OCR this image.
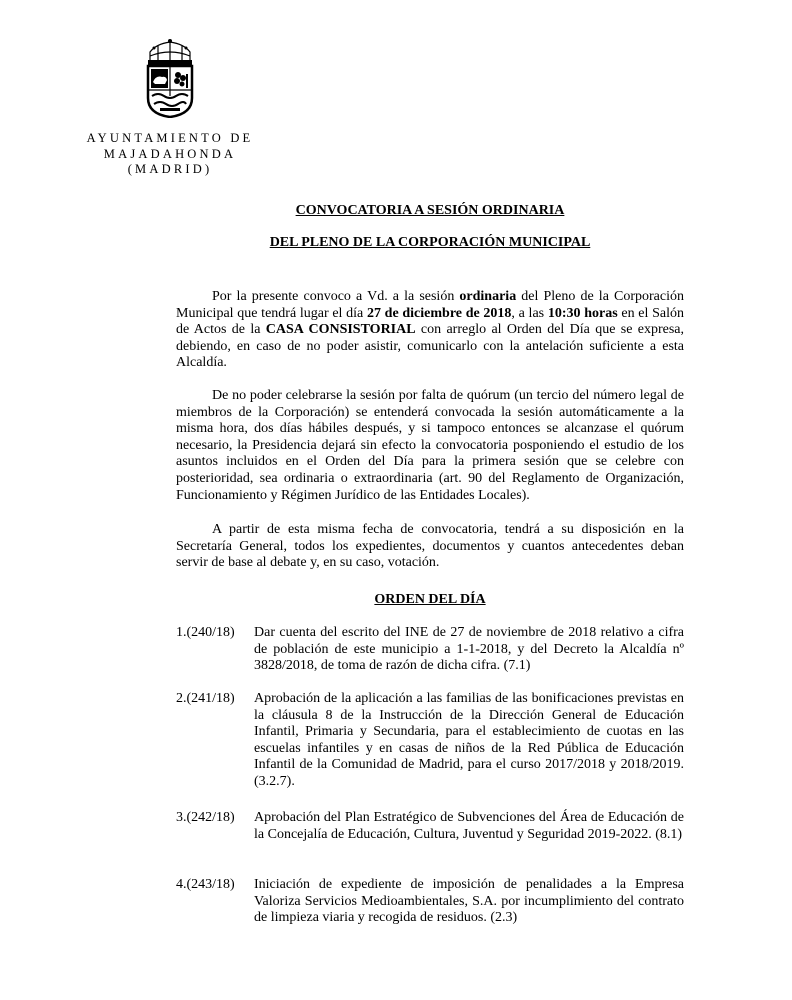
AYUNTAMIENTO DE
MAJADAHONDA
(MADRID)
CONVOCATORIA A SESIÓN ORDINARIA
DEL PLENO DE LA CORPORACIÓN MUNICIPAL

Por la presente convoco a Vd. a la sesión ordinaria del Pleno de la Corporación Municipal que tendrá lugar el día 27 de diciembre de 2018, a las 10:30 horas en el Salón de Actos de la CASA CONSISTORIAL con arreglo al Orden del Día que se expresa, debiendo, en caso de no poder asistir, comunicarlo con la antelación suficiente a esta Alcaldía.

De no poder celebrarse la sesión por falta de quórum (un tercio del número legal de miembros de la Corporación) se entenderá convocada la sesión automáticamente a la misma hora, dos días hábiles después, y si tampoco entonces se alcanzase el quórum necesario, la Presidencia dejará sin efecto la convocatoria posponiendo el estudio de los asuntos incluidos en el Orden del Día para la primera sesión que se celebre con posterioridad, sea ordinaria o extraordinaria (art. 90 del Reglamento de Organización, Funcionamiento y Régimen Jurídico de las Entidades Locales).

A partir de esta misma fecha de convocatoria, tendrá a su disposición en la Secretaría General, todos los expedientes, documentos y cuantos antecedentes deban servir de base al debate y, en su caso, votación.

ORDEN DEL DÍA
1.(240/18) Dar cuenta del escrito del INE de 27 de noviembre de 2018 relativo a cifra de población de este municipio a 1-1-2018, y del Decreto la Alcaldía nº 3828/2018, de toma de razón de dicha cifra. (7.1)
2.(241/18) Aprobación de la aplicación a las familias de las bonificaciones previstas en la cláusula 8 de la Instrucción de la Dirección General de Educación Infantil, Primaria y Secundaria, para el establecimiento de cuotas en las escuelas infantiles y en casas de niños de la Red Pública de Educación Infantil de la Comunidad de Madrid, para el curso 2017/2018 y 2018/2019. (3.2.7).
3.(242/18) Aprobación del Plan Estratégico de Subvenciones del Área de Educación de la Concejalía de Educación, Cultura, Juventud y Seguridad 2019-2022. (8.1)
4.(243/18) Iniciación de expediente de imposición de penalidades a la Empresa Valoriza Servicios Medioambientales, S.A. por incumplimiento del contrato de limpieza viaria y recogida de residuos. (2.3)
